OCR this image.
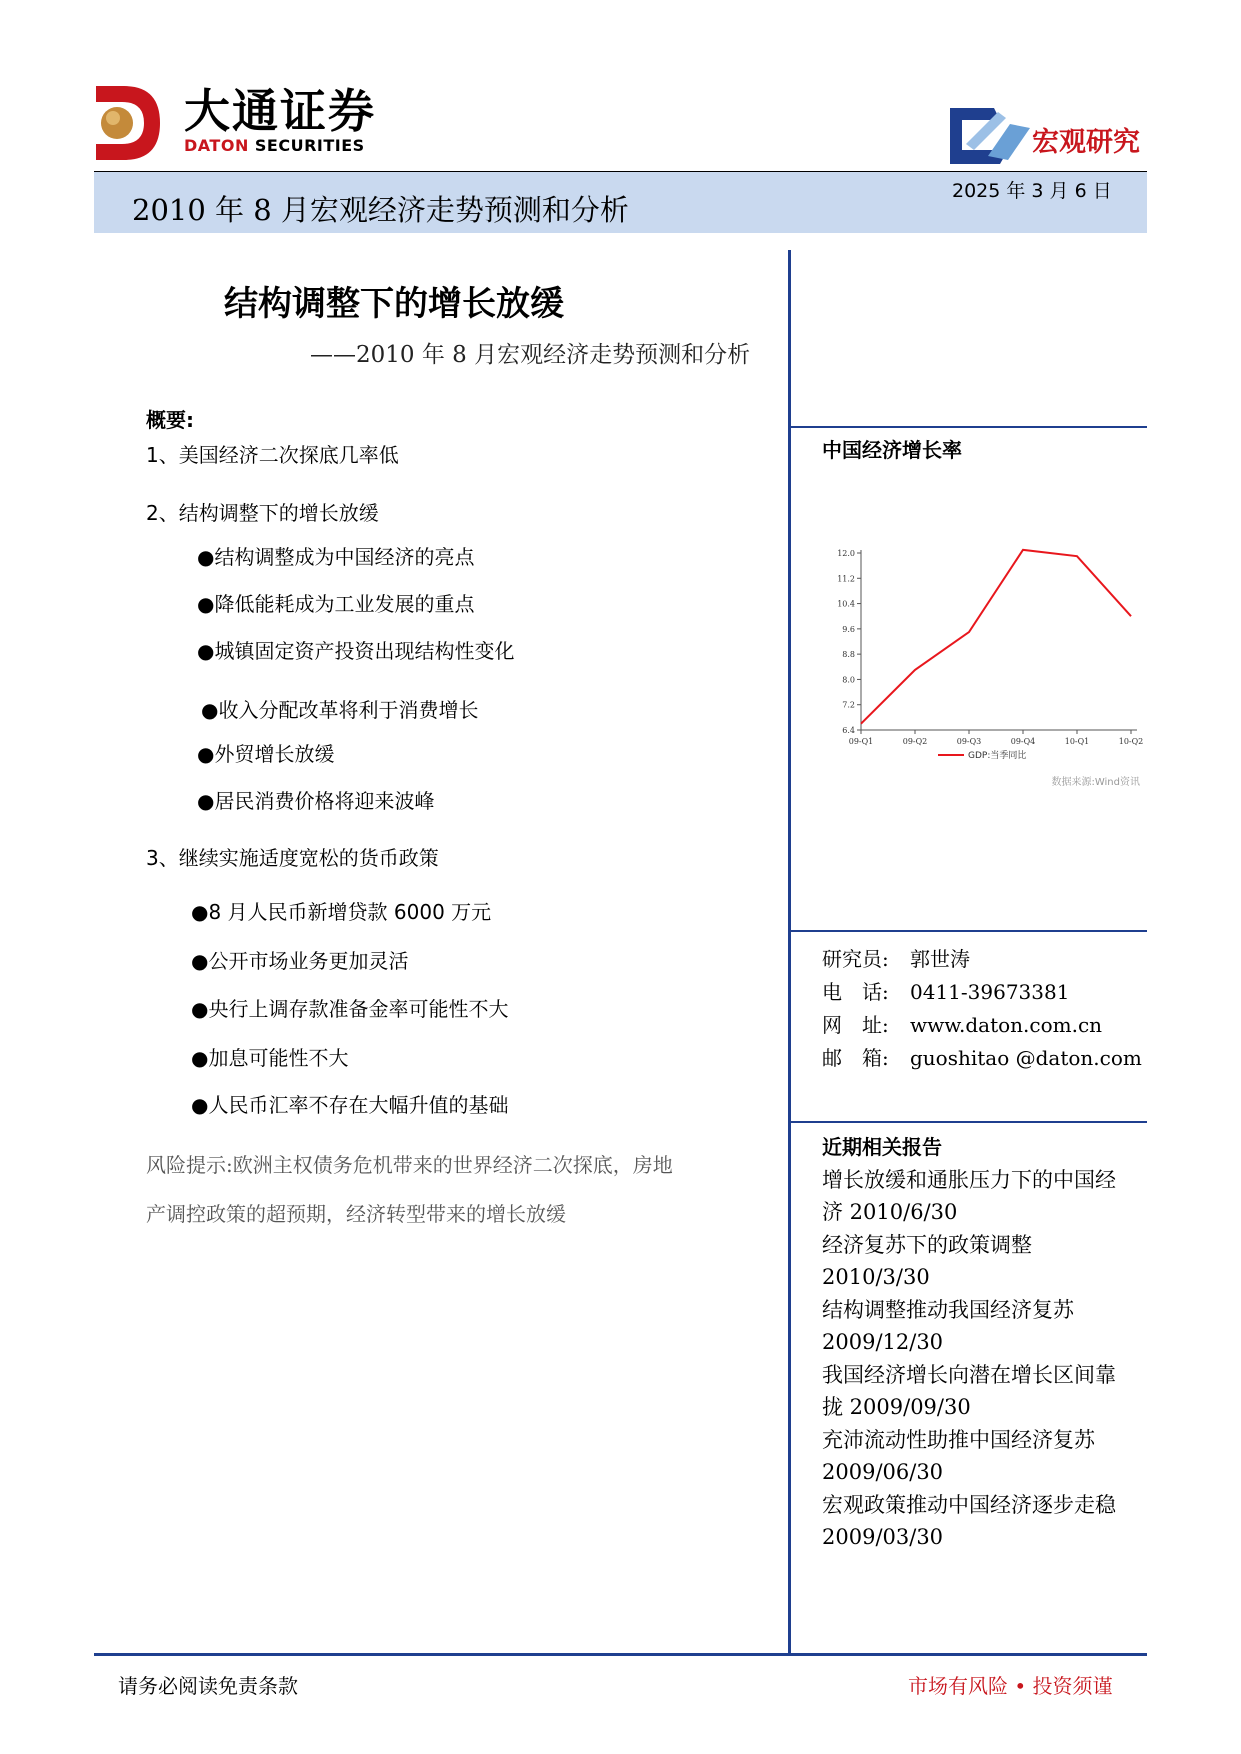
大通证券
DATON SECURITIES	宏观研究
2010 年 8 月宏观经济走势预测和分析
2025 年 3 月 6 日
结构调整下的增长放缓
——2010 年 8 月宏观经济走势预测和分析
概要:
1、美国经济二次探底几率低
2、结构调整下的增长放缓
●结构调整成为中国经济的亮点
●降低能耗成为工业发展的重点
●城镇固定资产投资出现结构性变化
●收入分配改革将利于消费增长
●外贸增长放缓
●居民消费价格将迎来波峰
3、继续实施适度宽松的货币政策
●8 月人民币新增贷款 6000 万元
●公开市场业务更加灵活
●央行上调存款准备金率可能性不大
●加息可能性不大
●人民币汇率不存在大幅升值的基础
风险提示:欧洲主权债务危机带来的世界经济二次探底，房地
产调控政策的超预期，经济转型带来的增长放缓
中国经济增长率
6.4
7.2
8.0
8.8
9.6
10.4
11.2
12.0
09-Q1	09-Q2	09-Q3	09-Q4	10-Q1	10-Q2
GDP:当季同比
数据来源:Wind资讯
研究员: 郭世涛
电　话: 0411-39673381
网　址: www.daton.com.cn
邮　箱: guoshitao @daton.com
近期相关报告
增长放缓和通胀压力下的中国经
济 2010/6/30
经济复苏下的政策调整
2010/3/30
结构调整推动我国经济复苏
2009/12/30
我国经济增长向潜在增长区间靠
拢 2009/09/30
充沛流动性助推中国经济复苏
2009/06/30
宏观政策推动中国经济逐步走稳
2009/03/30
请务必阅读免责条款	市场有风险 • 投资须谨
